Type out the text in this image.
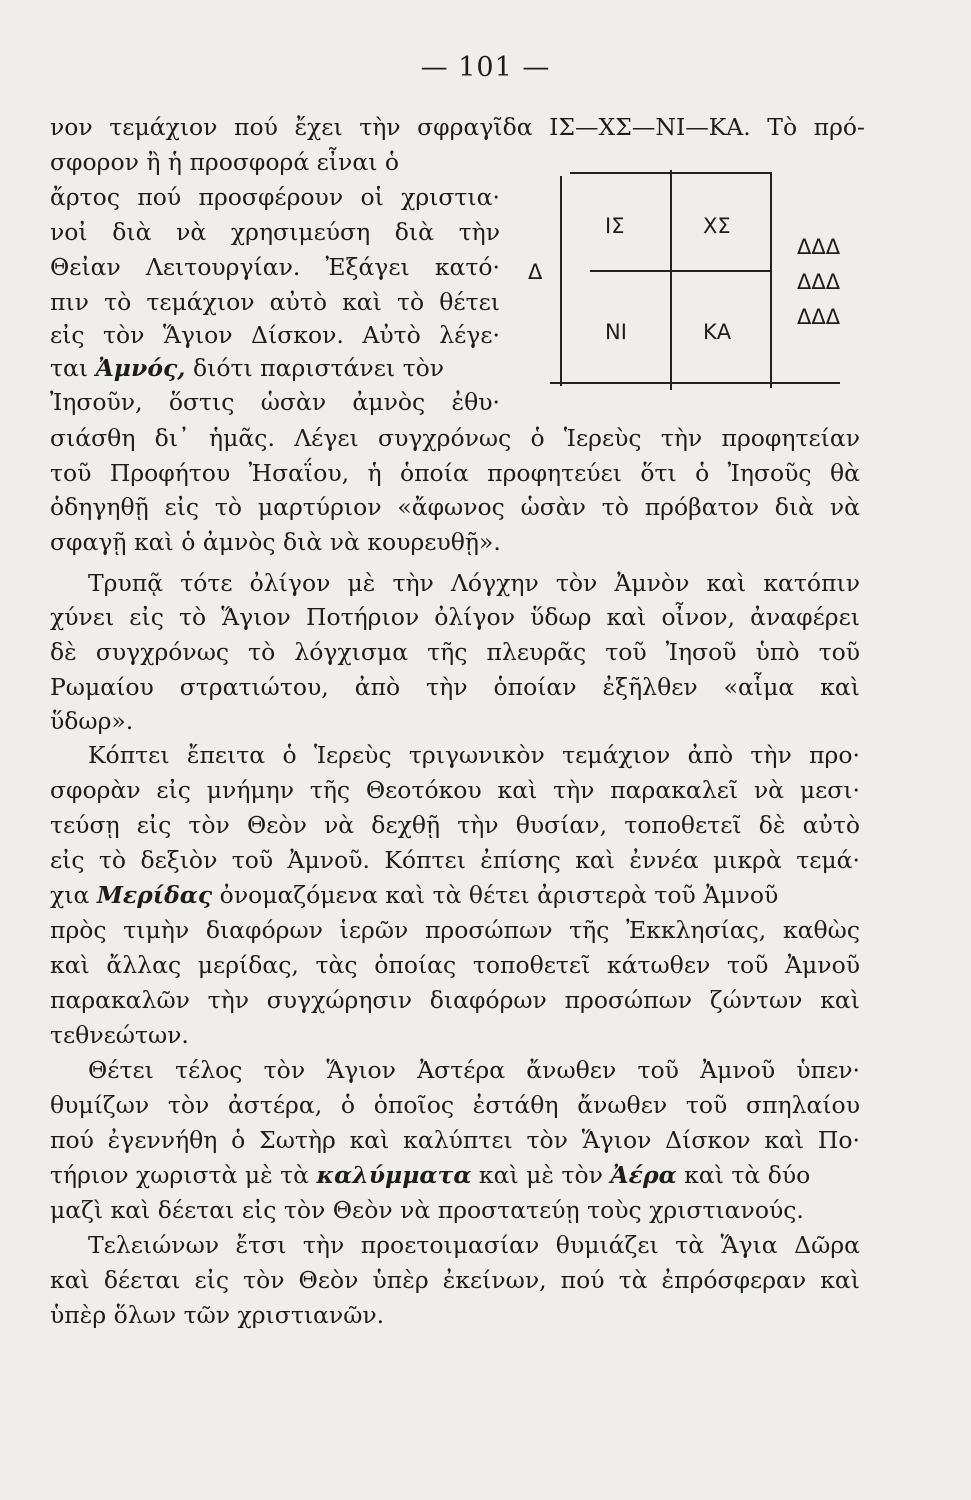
— 101 —
Δ
ΙΣ	ΧΣ
ΝΙ	ΚΑ
ΔΔΔ
ΔΔΔ
ΔΔΔ
νον τεμάχιον πού ἔχει τὴν σφραγῖδα ΙΣ—ΧΣ—ΝΙ—ΚΑ. Τὸ πρό-
σφορον ἢ ἡ προσφορά εἶναι ὁ
ἄρτος πού προσφέρουν οἱ χριστια·
νοἰ διὰ νὰ χρησιμεύση διὰ τὴν
Θεἰαν Λειτουργίαν. Ἐξάγει κατό·
πιν τὸ τεμάχιον αὐτὸ καὶ τὸ θέτει
εἰς τὸν Ἅγιον Δίσκον. Αὐτὸ λέγε·
ται Ἀμνός, διότι παριστάνει τὸν
Ἰησοῦν, ὅστις ὡσὰν ἀμνὸς ἐθυ·
σιάσθη δι᾽ ἡμᾶς. Λέγει συγχρόνως ὁ Ἱερεὺς τὴν προφητείαν
τοῦ Προφήτου Ἠσαΐου, ἡ ὁποία προφητεύει ὅτι ὁ Ἰησοῦς θὰ
ὁδηγηθῇ εἰς τὸ μαρτύριον «ἄφωνος ὡσὰν τὸ πρόβατον διὰ νὰ
σφαγῇ καὶ ὁ ἀμνὸς διὰ νὰ κουρευθῇ».
Τρυπᾷ τότε ὀλίγον μὲ τὴν Λόγχην τὸν Ἀμνὸν καὶ κατόπιν
χύνει εἰς τὸ Ἅγιον Ποτήριον ὀλίγον ὕδωρ καὶ οἶνον, ἀναφέρει
δὲ συγχρόνως τὸ λόγχισμα τῆς πλευρᾶς τοῦ Ἰησοῦ ὑπὸ τοῦ
Ρωμαίου στρατιώτου, ἀπὸ τὴν ὁποίαν ἐξῆλθεν «αἷμα καὶ
ὕδωρ».
Κόπτει ἔπειτα ὁ Ἱερεὺς τριγωνικὸν τεμάχιον ἀπὸ τὴν προ·
σφορὰν εἰς μνήμην τῆς Θεοτόκου καὶ τὴν παρακαλεῖ νὰ μεσι·
τεύσῃ εἰς τὸν Θεὸν νὰ δεχθῇ τὴν θυσίαν, τοποθετεῖ δὲ αὐτὸ
εἰς τὸ δεξιὸν τοῦ Ἀμνοῦ. Κόπτει ἐπίσης καὶ ἐννέα μικρὰ τεμά·
χια Μερίδας ὀνομαζόμενα καὶ τὰ θέτει ἀριστερὰ τοῦ Ἀμνοῦ
πρὸς τιμὴν διαφόρων ἱερῶν προσώπων τῆς Ἐκκλησίας, καθὼς
καὶ ἄλλας μερίδας, τὰς ὁποίας τοποθετεῖ κάτωθεν τοῦ Ἀμνοῦ
παρακαλῶν τὴν συγχώρησιν διαφόρων προσώπων ζώντων καὶ
τεθνεώτων.
Θέτει τέλος τὸν Ἅγιον Ἀστέρα ἄνωθεν τοῦ Ἀμνοῦ ὑπεν·
θυμίζων τὸν ἀστέρα, ὁ ὁποῖος ἐστάθη ἄνωθεν τοῦ σπηλαίου
πού ἐγεννήθη ὁ Σωτὴρ καὶ καλύπτει τὸν Ἅγιον Δίσκον καὶ Πο·
τήριον χωριστὰ μὲ τὰ καλύμματα καὶ μὲ τὸν Ἀέρα καὶ τὰ δύο
μαζὶ καὶ δέεται εἰς τὸν Θεὸν νὰ προστατεύῃ τοὺς χριστιανούς.
Τελειώνων ἔτσι τὴν προετοιμασίαν θυμιάζει τὰ Ἅγια Δῶρα
καὶ δέεται εἰς τὸν Θεὸν ὑπὲρ ἐκείνων, πού τὰ ἐπρόσφεραν καὶ
ὑπὲρ ὅλων τῶν χριστιανῶν.
